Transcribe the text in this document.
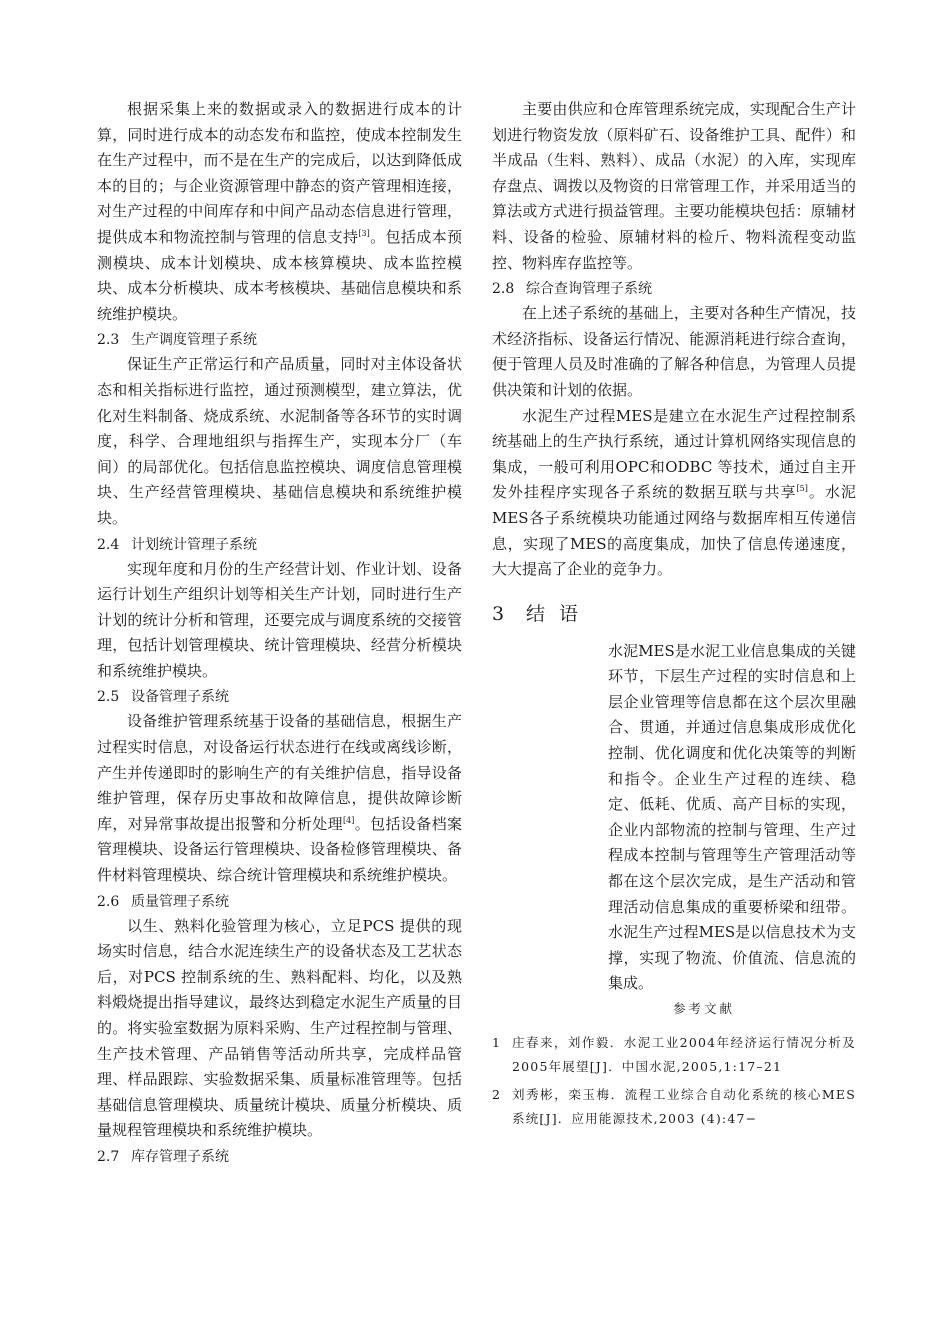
根据采集上来的数据或录入的数据进行成本的计算，同时进行成本的动态发布和监控，使成本控制发生在生产过程中，而不是在生产的完成后，以达到降低成本的目的；与企业资源管理中静态的资产管理相连接，对生产过程的中间库存和中间产品动态信息进行管理，提供成本和物流控制与管理的信息支持[3]。包括成本预测模块、成本计划模块、成本核算模块、成本监控模块、成本分析模块、成本考核模块、基础信息模块和系统维护模块。

2.3 生产调度管理子系统

保证生产正常运行和产品质量，同时对主体设备状态和相关指标进行监控，通过预测模型，建立算法，优化对生料制备、烧成系统、水泥制备等各环节的实时调度，科学、合理地组织与指挥生产，实现本分厂（车间）的局部优化。包括信息监控模块、调度信息管理模块、生产经营管理模块、基础信息模块和系统维护模块。

2.4 计划统计管理子系统

实现年度和月份的生产经营计划、作业计划、设备运行计划生产组织计划等相关生产计划，同时进行生产计划的统计分析和管理，还要完成与调度系统的交接管理，包括计划管理模块、统计管理模块、经营分析模块和系统维护模块。

2.5 设备管理子系统

设备维护管理系统基于设备的基础信息，根据生产过程实时信息，对设备运行状态进行在线或离线诊断，产生并传递即时的影响生产的有关维护信息，指导设备维护管理，保存历史事故和故障信息，提供故障诊断库，对异常事故提出报警和分析处理[4]。包括设备档案管理模块、设备运行管理模块、设备检修管理模块、备件材料管理模块、综合统计管理模块和系统维护模块。

2.6 质量管理子系统

以生、熟料化验管理为核心，立足PCS 提供的现场实时信息，结合水泥连续生产的设备状态及工艺状态后，对PCS 控制系统的生、熟料配料、均化，以及熟料煅烧提出指导建议，最终达到稳定水泥生产质量的目的。将实验室数据为原料采购、生产过程控制与管理、生产技术管理、产品销售等活动所共享，完成样品管理、样品跟踪、实验数据采集、质量标准管理等。包括基础信息管理模块、质量统计模块、质量分析模块、质量规程管理模块和系统维护模块。

2.7 库存管理子系统

主要由供应和仓库管理系统完成，实现配合生产计划进行物资发放（原料矿石、设备维护工具、配件）和半成品（生料、熟料）、成品（水泥）的入库，实现库存盘点、调拨以及物资的日常管理工作，并采用适当的算法或方式进行损益管理。主要功能模块包括：原辅材料、设备的检验、原辅材料的检斤、物料流程变动监控、物料库存监控等。

2.8 综合查询管理子系统

在上述子系统的基础上，主要对各种生产情况，技术经济指标、设备运行情况、能源消耗进行综合查询，便于管理人员及时准确的了解各种信息，为管理人员提供决策和计划的依据。

水泥生产过程MES是建立在水泥生产过程控制系统基础上的生产执行系统，通过计算机网络实现信息的集成，一般可利用OPC和ODBC 等技术，通过自主开发外挂程序实现各子系统的数据互联与共享[5]。水泥MES各子系统模块功能通过网络与数据库相互传递信息，实现了MES的高度集成，加快了信息传递速度，大大提高了企业的竞争力。

3 结语

水泥MES是水泥工业信息集成的关键环节，下层生产过程的实时信息和上层企业管理等信息都在这个层次里融合、贯通，并通过信息集成形成优化控制、优化调度和优化决策等的判断和指令。企业生产过程的连续、稳定、低耗、优质、高产目标的实现，企业内部物流的控制与管理、生产过程成本控制与管理等生产管理活动等都在这个层次完成，是生产活动和管理活动信息集成的重要桥梁和纽带。水泥生产过程MES是以信息技术为支撑，实现了物流、价值流、信息流的集成。

参考文献
1 庄春来，刘作毅．水泥工业2004年经济运行情况分析及2005年展望[J]．中国水泥,2005,1:17–21
2 刘秀彬，栾玉梅．流程工业综合自动化系统的核心MES系统[J]．应用能源技术,2003 (4):47−
